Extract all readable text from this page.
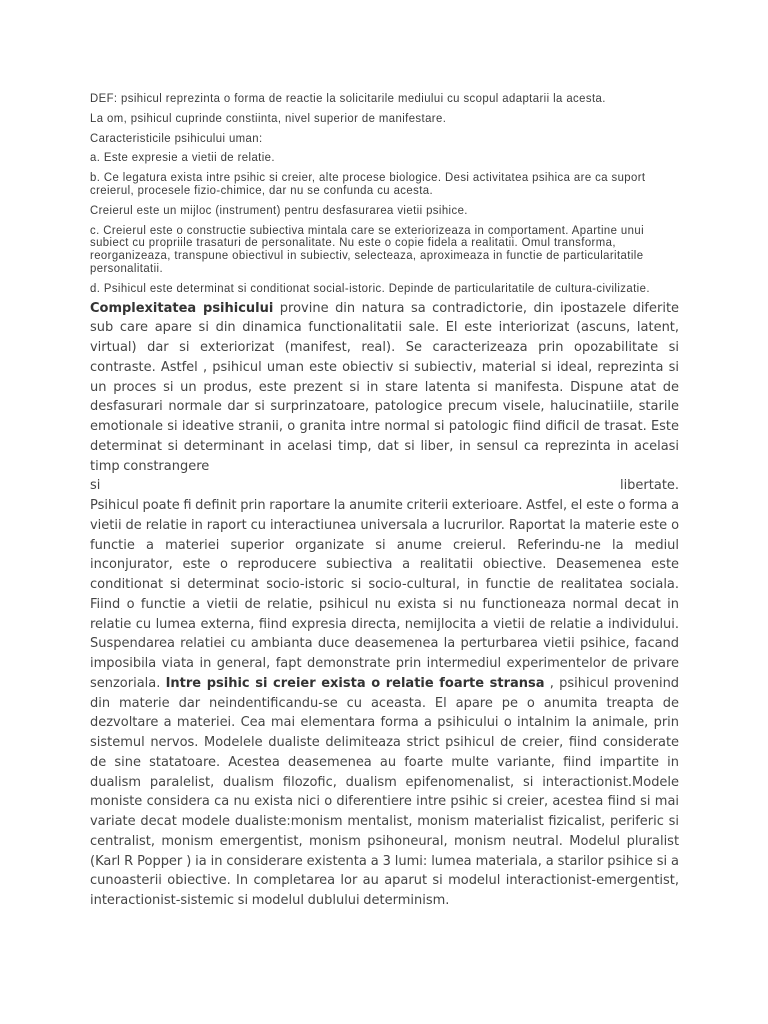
DEF: psihicul reprezinta o forma de reactie la solicitarile mediului cu scopul adaptarii la acesta.

La om, psihicul cuprinde constiinta, nivel superior de manifestare.

Caracteristicile psihicului uman:

a. Este expresie a vietii de relatie.

b. Ce legatura exista intre psihic si creier, alte procese biologice. Desi activitatea psihica are ca suport creierul, procesele fizio-chimice, dar nu se confunda cu acesta.

Creierul este un mijloc (instrument) pentru desfasurarea vietii psihice.

c. Creierul este o constructie subiectiva mintala care se exteriorizeaza in comportament. Apartine unui subiect cu propriile trasaturi de personalitate. Nu este o copie fidela a realitatii. Omul transforma, reorganizeaza, transpune obiectivul in subiectiv, selecteaza, aproximeaza in functie de particularitatile personalitatii.

d. Psihicul este determinat si conditionat social-istoric. Depinde de particularitatile de cultura-civilizatie.

Complexitatea psihicului provine din natura sa contradictorie, din ipostazele diferite sub care apare si din dinamica functionalitatii sale. El este interiorizat (ascuns, latent, virtual) dar si exteriorizat (manifest, real). Se caracterizeaza prin opozabilitate si contraste. Astfel , psihicul uman este obiectiv si subiectiv, material si ideal, reprezinta si un proces si un produs, este prezent si in stare latenta si manifesta. Dispune atat de desfasurari normale dar si surprinzatoare, patologice precum visele, halucinatiile, starile emotionale si ideative stranii, o granita intre normal si patologic fiind dificil de trasat. Este determinat si determinant in acelasi timp, dat si liber, in sensul ca reprezinta in acelasi timp constrangere

si	libertate.

Psihicul poate fi definit prin raportare la anumite criterii exterioare. Astfel, el este o forma a vietii de relatie in raport cu interactiunea universala a lucrurilor. Raportat la materie este o functie a materiei superior organizate si anume creierul. Referindu-ne la mediul inconjurator, este o reproducere subiectiva a realitatii obiective. Deasemenea este conditionat si determinat socio-istoric si socio-cultural, in functie de realitatea sociala. Fiind o functie a vietii de relatie, psihicul nu exista si nu functioneaza normal decat in relatie cu lumea externa, fiind expresia directa, nemijlocita a vietii de relatie a individului. Suspendarea relatiei cu ambianta duce deasemenea la perturbarea vietii psihice, facand imposibila viata in general, fapt demonstrate prin intermediul experimentelor de privare senzoriala. Intre psihic si creier exista o relatie foarte stransa , psihicul provenind din materie dar neindentificandu-se cu aceasta. El apare pe o anumita treapta de dezvoltare a materiei. Cea mai elementara forma a psihicului o intalnim la animale, prin sistemul nervos. Modelele dualiste delimiteaza strict psihicul de creier, fiind considerate de sine statatoare. Acestea deasemenea au foarte multe variante, fiind impartite in dualism paralelist, dualism filozofic, dualism epifenomenalist, si interactionist.Modele moniste considera ca nu exista nici o diferentiere intre psihic si creier, acestea fiind si mai variate decat modele dualiste:monism mentalist, monism materialist fizicalist, periferic si centralist, monism emergentist, monism psihoneural, monism neutral. Modelul pluralist (Karl R Popper ) ia in considerare existenta a 3 lumi: lumea materiala, a starilor psihice si a cunoasterii obiective. In completarea lor au aparut si modelul interactionist-emergentist, interactionist-sistemic si modelul dublului determinism.
